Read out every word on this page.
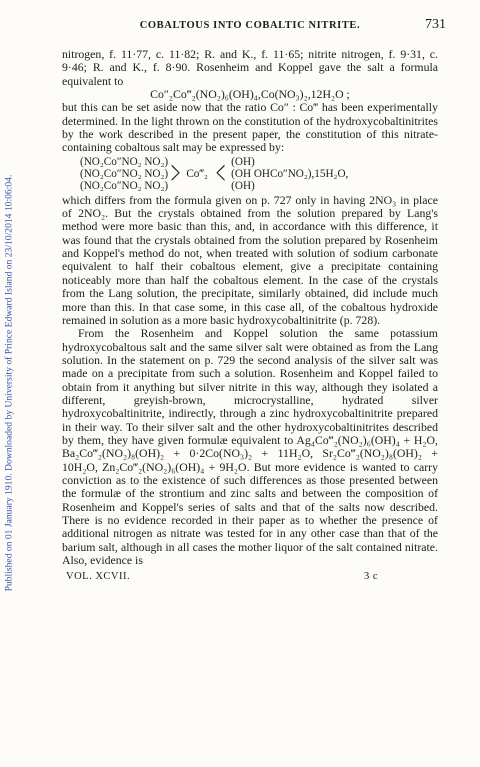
Published on 01 January 1910. Downloaded by University of Prince Edward Island on 23/10/2014 10:06:04.
COBALTOUS INTO COBALTIC NITRITE.	731

nitrogen, f. 11·77, c. 11·82; R. and K., f. 11·65; nitrite nitrogen, f. 9·31, c. 9·46; R. and K., f. 8·90. Rosenheim and Koppel gave the salt a formula equivalent to

Co″₂Co‴₂(NO₂)₆(OH)₄,Co(NO₃)₂,12H₂O ;

but this can be set aside now that the ratio Co″ : Co‴ has been experimentally determined. In the light thrown on the constitution of the hydroxycobaltinitrites by the work described in the present paper, the constitution of this nitrate-containing cobaltous salt may be expressed by:

(NO₂Co″NO₂ NO₂)
(NO₂Co″NO₂ NO₂)
(NO₂Co″NO₂ NO₂) > Co‴₂ < (OH)
(OH OHCo″NO₂),15H₂O,
(OH)

which differs from the formula given on p. 727 only in having 2NO₃ in place of 2NO₂. But the crystals obtained from the solution prepared by Lang's method were more basic than this, and, in accordance with this difference, it was found that the crystals obtained from the solution prepared by Rosenheim and Koppel's method do not, when treated with solution of sodium carbonate equivalent to half their cobaltous element, give a precipitate containing noticeably more than half the cobaltous element. In the case of the crystals from the Lang solution, the precipitate, similarly obtained, did include much more than this. In that case some, in this case all, of the cobaltous hydroxide remained in solution as a more basic hydroxycobaltinitrite (p. 728).

From the Rosenheim and Koppel solution the same potassium hydroxycobaltous salt and the same silver salt were obtained as from the Lang solution. In the statement on p. 729 the second analysis of the silver salt was made on a precipitate from such a solution. Rosenheim and Koppel failed to obtain from it anything but silver nitrite in this way, although they isolated a different, greyish-brown, microcrystalline, hydrated silver hydroxycobaltinitrite, indirectly, through a zinc hydroxycobaltinitrite prepared in their way. To their silver salt and the other hydroxycobaltinitrites described by them, they have given formulæ equivalent to Ag₄Co‴₂(NO₂)₆(OH)₄ + H₂O, Ba₂Co‴₂(NO₂)₈(OH)₂ + 0·2Co(NO₃)₂ + 11H₂O, Sr₂Co‴₂(NO₂)₈(OH)₂ + 10H₂O, Zn₂Co‴₂(NO₂)₆(OH)₄ + 9H₂O. But more evidence is wanted to carry conviction as to the existence of such differences as those presented between the formulæ of the strontium and zinc salts and between the composition of Rosenheim and Koppel's series of salts and that of the salts now described. There is no evidence recorded in their paper as to whether the presence of additional nitrogen as nitrate was tested for in any other case than that of the barium salt, although in all cases the mother liquor of the salt contained nitrate. Also, evidence is

VOL. XCVII.	3 c
